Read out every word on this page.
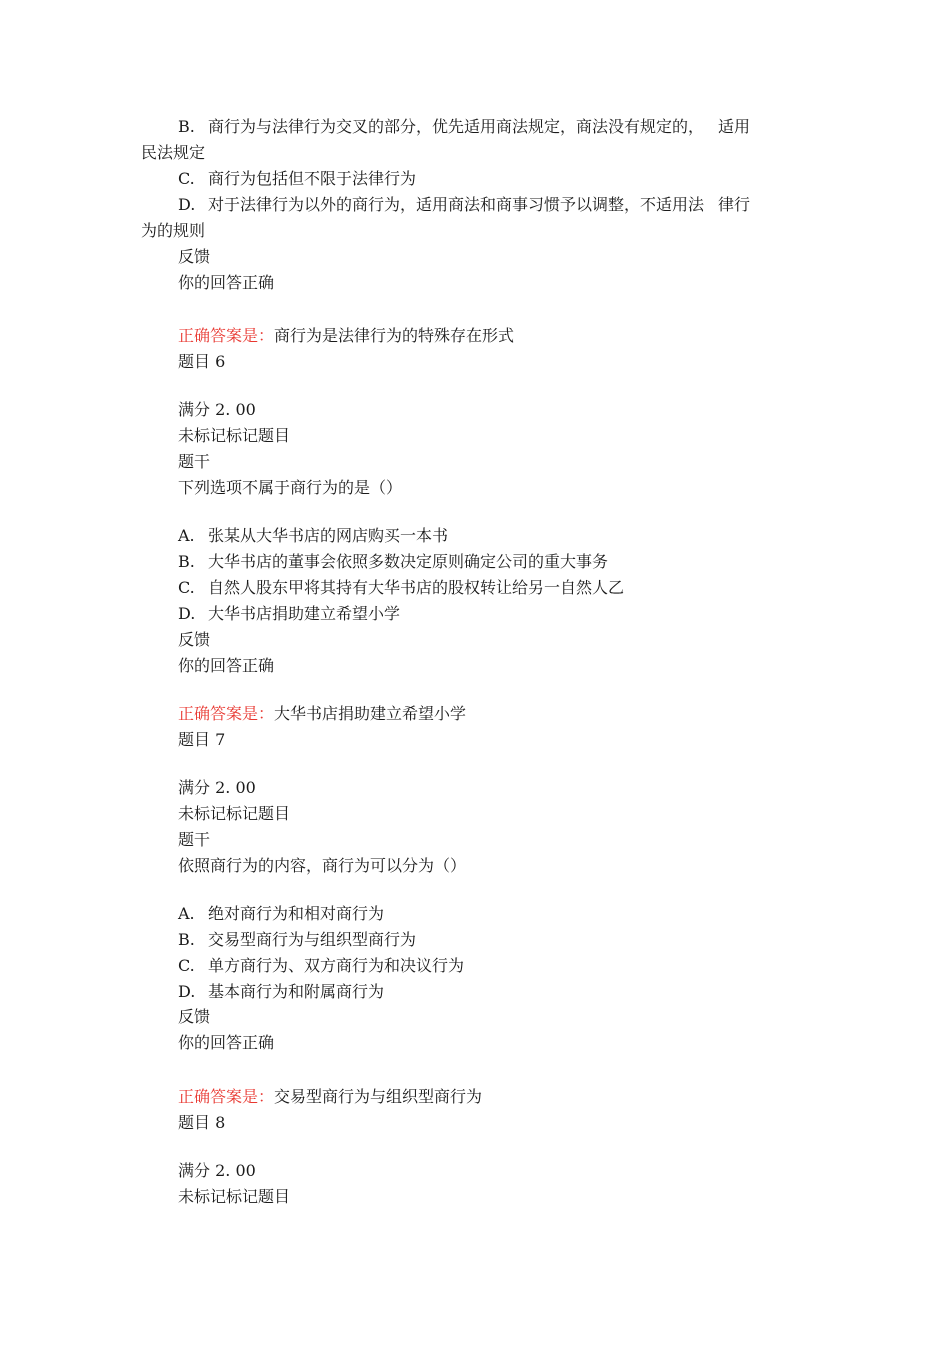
B. 商行为与法律行为交叉的部分，优先适用商法规定，商法没有规定的， 适用
民法规定
C. 商行为包括但不限于法律行为
D. 对于法律行为以外的商行为，适用商法和商事习惯予以调整，不适用法 律行
为的规则
反馈
你的回答正确
正确答案是：商行为是法律行为的特殊存在形式
题目 6
满分 2. 00
未标记标记题目
题干
下列选项不属于商行为的是（）
A. 张某从大华书店的网店购买一本书
B. 大华书店的董事会依照多数决定原则确定公司的重大事务
C. 自然人股东甲将其持有大华书店的股权转让给另一自然人乙
D. 大华书店捐助建立希望小学
反馈
你的回答正确
正确答案是：大华书店捐助建立希望小学
题目 7
满分 2. 00
未标记标记题目
题干
依照商行为的内容，商行为可以分为（）
A. 绝对商行为和相对商行为
B. 交易型商行为与组织型商行为
C. 单方商行为、双方商行为和决议行为
D. 基本商行为和附属商行为
反馈
你的回答正确
正确答案是：交易型商行为与组织型商行为
题目 8
满分 2. 00
未标记标记题目
